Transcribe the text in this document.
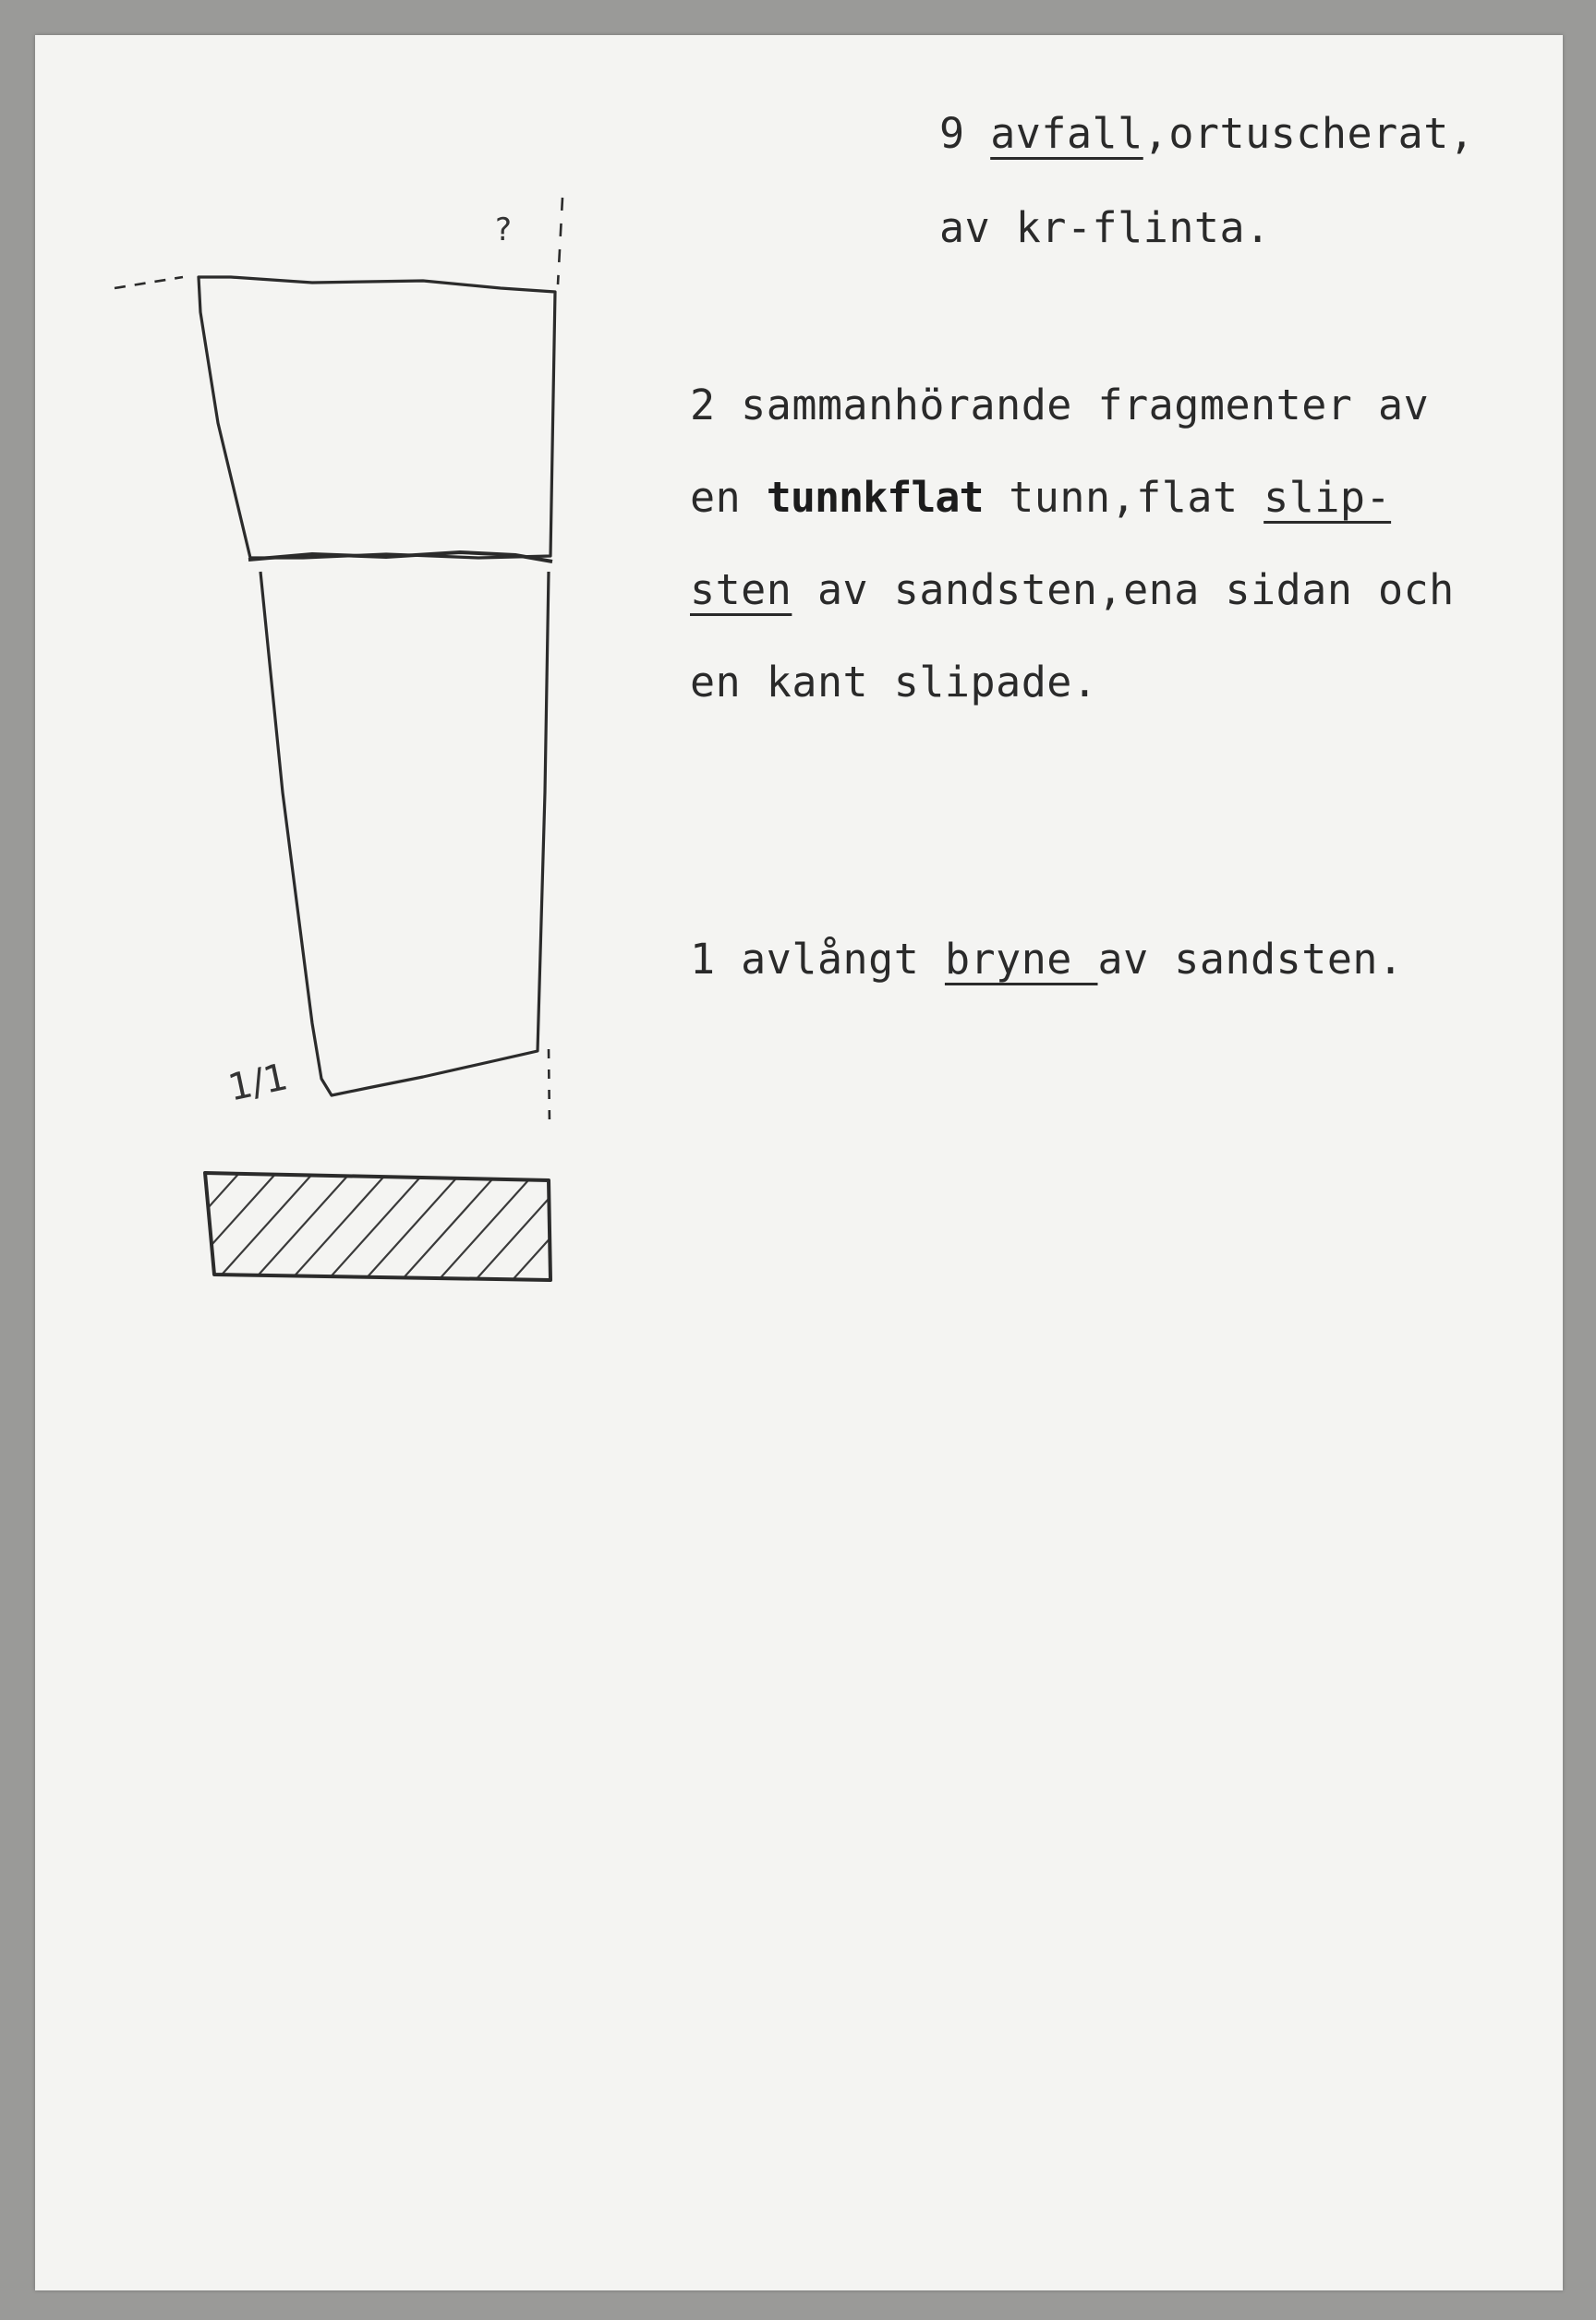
?
1/1

9 avfall,ortuscherat,

av kr-flinta.

2 sammanhörande fragmenter av

en tunnkflat tunn,flat slip-

sten av sandsten,ena sidan och

en kant slipade.

1 avlångt bryne av sandsten.
